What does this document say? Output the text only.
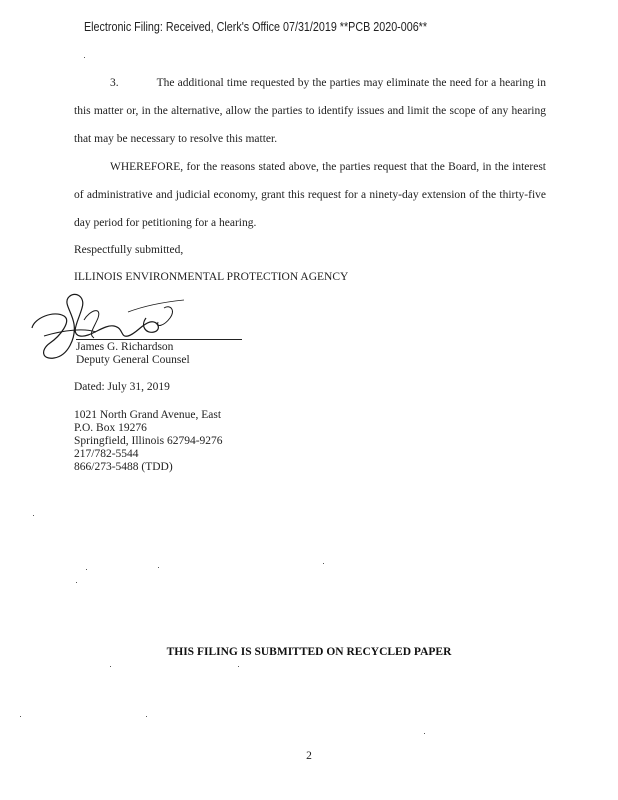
Electronic Filing: Received, Clerk's Office 07/31/2019 **PCB 2020-006**
3.	The additional time requested by the parties may eliminate the need for a hearing in this matter or, in the alternative, allow the parties to identify issues and limit the scope of any hearing that may be necessary to resolve this matter.
WHEREFORE, for the reasons stated above, the parties request that the Board, in the interest of administrative and judicial economy, grant this request for a ninety-day extension of the thirty-five day period for petitioning for a hearing.
Respectfully submitted,
ILLINOIS ENVIRONMENTAL PROTECTION AGENCY
James G. Richardson
Deputy General Counsel
Dated: July 31, 2019
1021 North Grand Avenue, East
P.O. Box 19276
Springfield, Illinois 62794-9276
217/782-5544
866/273-5488 (TDD)
THIS FILING IS SUBMITTED ON RECYCLED PAPER
2
